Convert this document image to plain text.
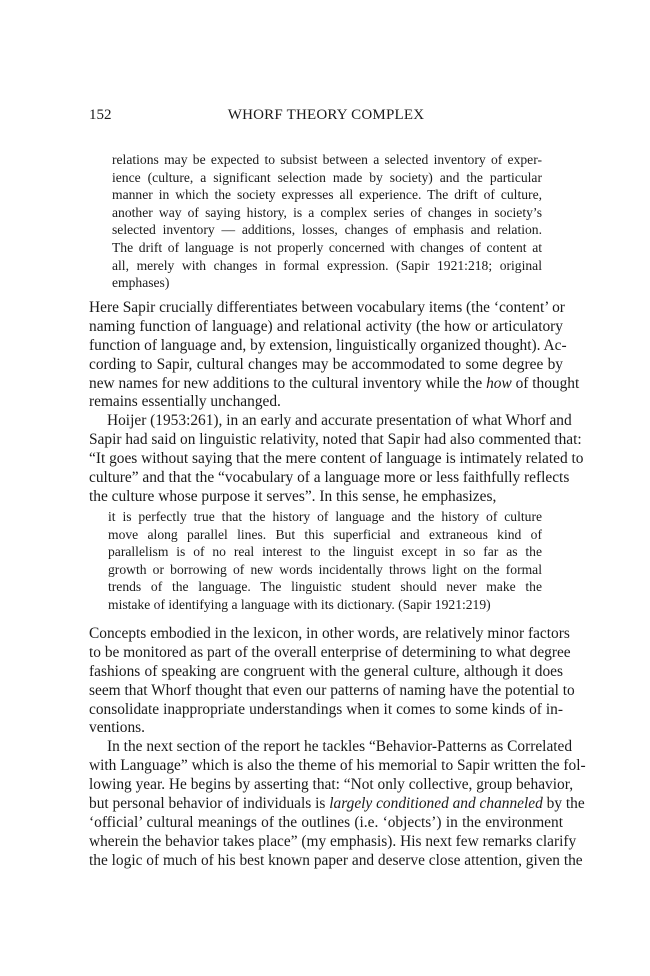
152	WHORF THEORY COMPLEX
relations may be expected to subsist between a selected inventory of exper-
ience (culture, a significant selection made by society) and the particular
manner in which the society expresses all experience. The drift of culture,
another way of saying history, is a complex series of changes in society’s
selected inventory — additions, losses, changes of emphasis and relation.
The drift of language is not properly concerned with changes of content at
all, merely with changes in formal expression. (Sapir 1921:218; original
emphases)
Here Sapir crucially differentiates between vocabulary items (the ‘content’ or
naming function of language) and relational activity (the how or articulatory
function of language and, by extension, linguistically organized thought). Ac-
cording to Sapir, cultural changes may be accommodated to some degree by
new names for new additions to the cultural inventory while the how of thought
remains essentially unchanged.
Hoijer (1953:261), in an early and accurate presentation of what Whorf and
Sapir had said on linguistic relativity, noted that Sapir had also commented that:
“It goes without saying that the mere content of language is intimately related to
culture” and that the “vocabulary of a language more or less faithfully reflects
the culture whose purpose it serves”. In this sense, he emphasizes,
it is perfectly true that the history of language and the history of culture
move along parallel lines. But this superficial and extraneous kind of
parallelism is of no real interest to the linguist except in so far as the
growth or borrowing of new words incidentally throws light on the formal
trends of the language. The linguistic student should never make the
mistake of identifying a language with its dictionary. (Sapir 1921:219)
Concepts embodied in the lexicon, in other words, are relatively minor factors
to be monitored as part of the overall enterprise of determining to what degree
fashions of speaking are congruent with the general culture, although it does
seem that Whorf thought that even our patterns of naming have the potential to
consolidate inappropriate understandings when it comes to some kinds of in-
ventions.
In the next section of the report he tackles “Behavior-Patterns as Correlated
with Language” which is also the theme of his memorial to Sapir written the fol-
lowing year. He begins by asserting that: “Not only collective, group behavior,
but personal behavior of individuals is largely conditioned and channeled by the
‘official’ cultural meanings of the outlines (i.e. ‘objects’) in the environment
wherein the behavior takes place” (my emphasis). His next few remarks clarify
the logic of much of his best known paper and deserve close attention, given the
